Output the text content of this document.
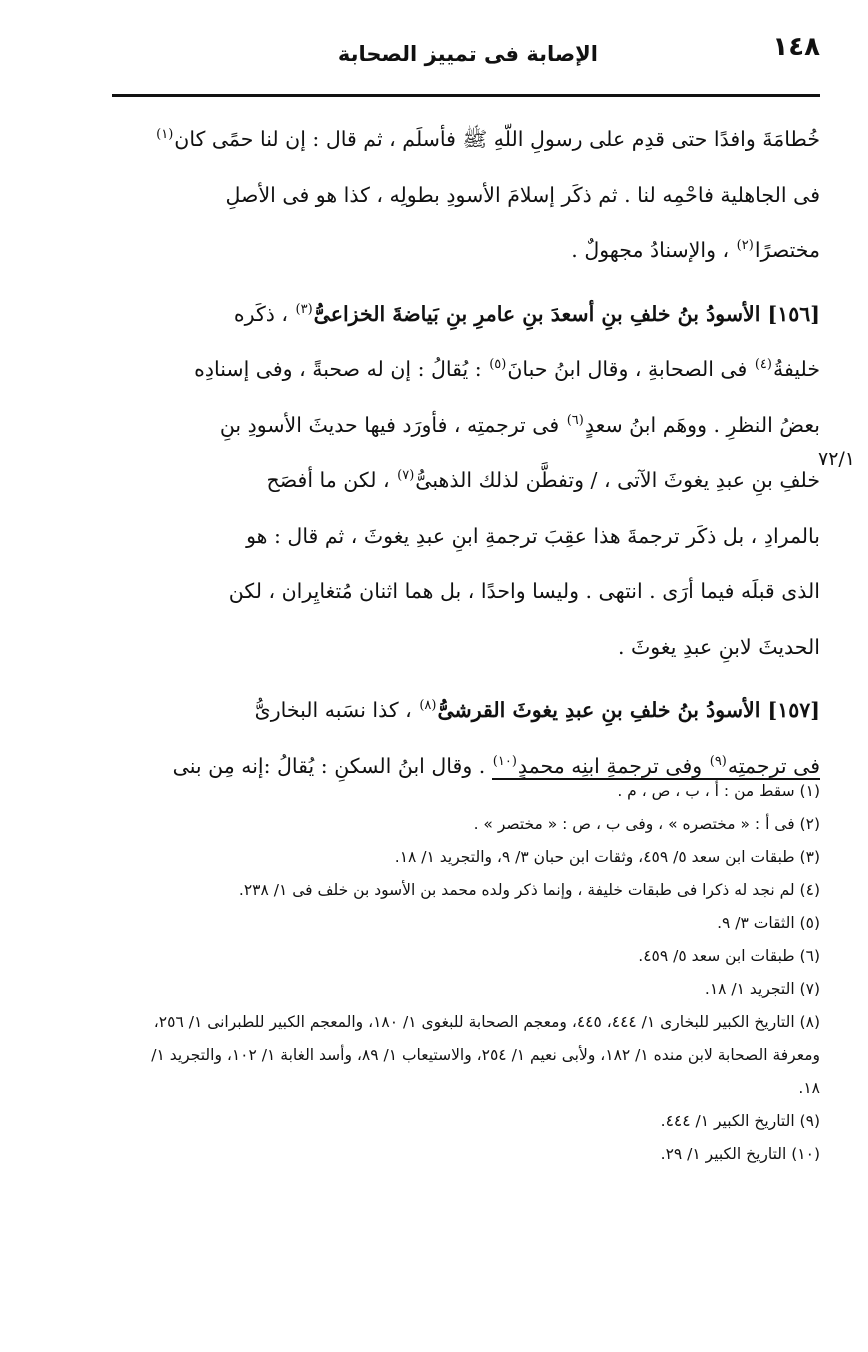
١٤٨
الإصابة فى تمييز الصحابة
٧٢/١
خُطامَةَ وافدًا حتى قدِم على رسولِ اللّهِ ﷺ فأسلَم ، ثم قال : إن لنا حمًى كان$^{(١)}$
فى الجاهلية فاحْمِه لنا . ثم ذكَر إسلامَ الأسودِ بطولِه ، كذا هو فى الأصلِ
مختصرًا$^{(٢)}$ ، والإسنادُ مجهولٌ .
[١٥٦] الأسودُ بنُ خلفِ بنِ أسعدَ بنِ عامرِ بنِ بَياضةَ الخزاعىُّ$^{(٣)}$ ، ذكَره
خليفةُ$^{(٤)}$ فى الصحابةِ ، وقال ابنُ حبانَ$^{(٥)}$ : يُقالُ : إن له صحبةً ، وفى إسنادِه
بعضُ النظرِ . ووهَم ابنُ سعدٍ$^{(٦)}$ فى ترجمتِه ، فأورَد فيها حديثَ الأسودِ بنِ
خلفِ بنِ عبدِ يغوثَ الآتى ، / وتفطَّن لذلك الذهبىُّ$^{(٧)}$ ، لكن ما أفصَح
بالمرادِ ، بل ذكَر ترجمةَ هذا عقِبَ ترجمةِ ابنِ عبدِ يغوثَ ، ثم قال : هو
الذى قبلَه فيما أرَى . انتهى . وليسا واحدًا ، بل هما اثنان مُتغايِران ، لكن
الحديثَ لابنِ عبدِ يغوثَ .
[١٥٧] الأسودُ بنُ خلفِ بنِ عبدِ يغوثَ القرشىُّ$^{(٨)}$ ، كذا نسَبه البخارىُّ
فى ترجمتِه$^{(٩)}$ وفى ترجمةِ ابنِه محمدٍ$^{(١٠)}$ . وقال ابنُ السكنِ : يُقالُ :إنه مِن بنى

(١) سقط من : أ ، ب ، ص ، م .

(٢) فى أ : « مختصره » ، وفى ب ، ص : « مختصر » .

(٣) طبقات ابن سعد ٥/ ٤٥٩، وثقات ابن حبان ٣/ ٩، والتجريد ١/ ١٨.

(٤) لم نجد له ذكرا فى طبقات خليفة ، وإنما ذكر ولده محمد بن الأسود بن خلف فى ١/ ٢٣٨.

(٥) الثقات ٣/ ٩.

(٦) طبقات ابن سعد ٥/ ٤٥٩.

(٧) التجريد ١/ ١٨.

(٨) التاريخ الكبير للبخارى ١/ ٤٤٤، ٤٤٥، ومعجم الصحابة للبغوى ١/ ١٨٠، والمعجم الكبير للطبرانى ١/ ٢٥٦، ومعرفة الصحابة لابن منده ١/ ١٨٢، ولأبى نعيم ١/ ٢٥٤، والاستيعاب ١/ ٨٩، وأسد الغابة ١/ ١٠٢، والتجريد ١/ ١٨.

(٩) التاريخ الكبير ١/ ٤٤٤.

(١٠) التاريخ الكبير ١/ ٢٩.
